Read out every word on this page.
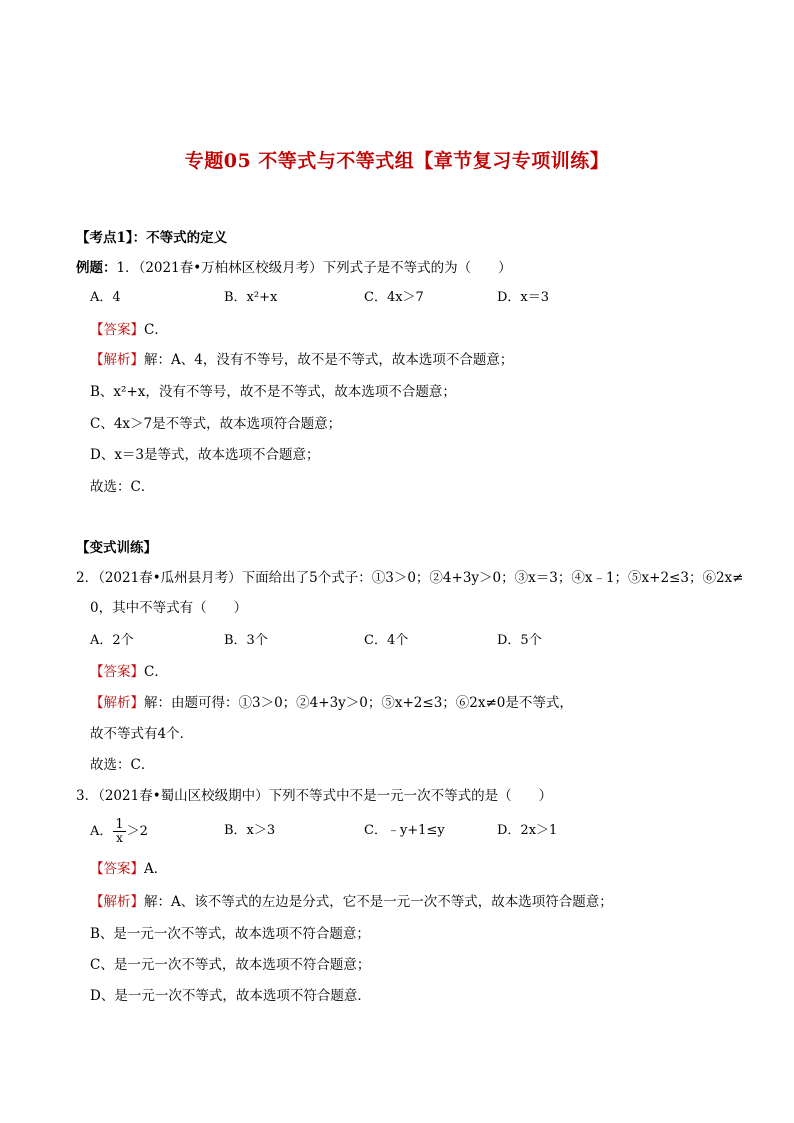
专题05 不等式与不等式组【章节复习专项训练】
【考点1】：不等式的定义
例题：1．（2021春•万柏林区校级月考）下列式子是不等式的为（　　）
A．4	B．x²+x	C．4x＞7	D．x＝3
【答案】C．
【解析】解：A、4，没有不等号，故不是不等式，故本选项不合题意；
B、x²+x，没有不等号，故不是不等式，故本选项不合题意；
C、4x＞7是不等式，故本选项符合题意；
D、x＝3是等式，故本选项不合题意；
故选：C．
【变式训练】
2．（2021春•瓜州县月考）下面给出了5个式子：①3＞0；②4+3y＞0；③x＝3；④x﹣1；⑤x+2≤3；⑥2x≠
0，其中不等式有（　　）
A．2个	B．3个	C．4个	D．5个
【答案】C．
【解析】解：由题可得：①3＞0；②4+3y＞0；⑤x+2≤3；⑥2x≠0是不等式，
故不等式有4个．
故选：C．
3．（2021春•蜀山区校级期中）下列不等式中不是一元一次不等式的是（　　）
A． $\frac{1}{x} >2$	B．x＞3	C．﹣y+1≤y	D．2x＞1
【答案】A．
【解析】解：A、该不等式的左边是分式，它不是一元一次不等式，故本选项符合题意；
B、是一元一次不等式，故本选项不符合题意；
C、是一元一次不等式，故本选项不符合题意；
D、是一元一次不等式，故本选项不符合题意．
